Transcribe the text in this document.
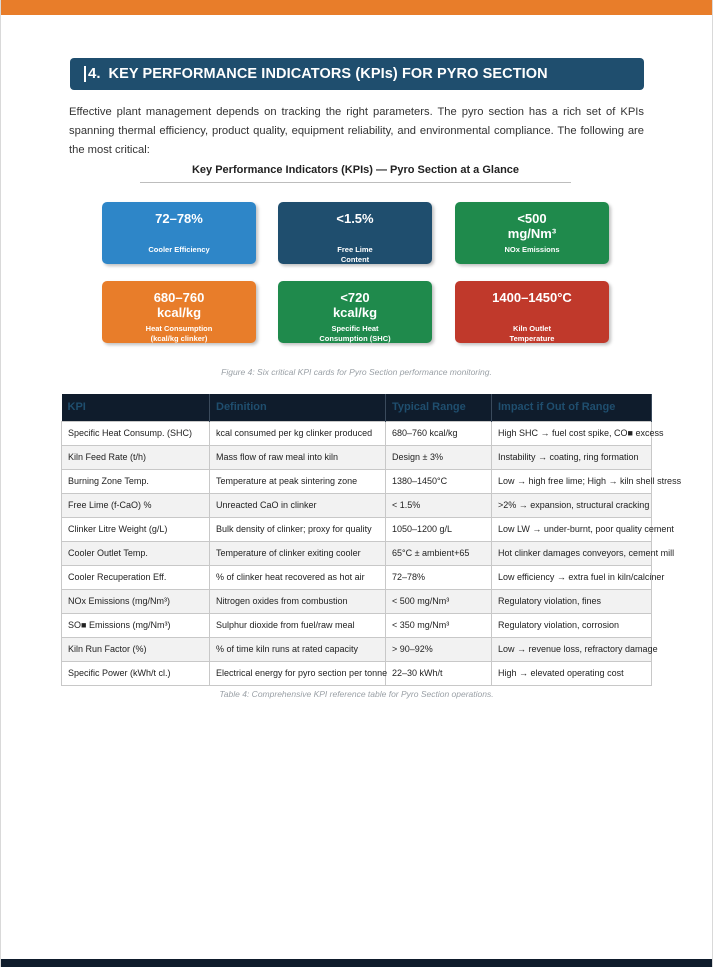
4. KEY PERFORMANCE INDICATORS (KPIs) FOR PYRO SECTION

Effective plant management depends on tracking the right parameters. The pyro section has a rich set of KPIs spanning thermal efficiency, product quality, equipment reliability, and environmental compliance. The following are the most critical:

Key Performance Indicators (KPIs) — Pyro Section at a Glance
72–78%
Cooler Efficiency
<1.5%
Free Lime Content
<500 mg/Nm³
NOx Emissions
680–760 kcal/kg
Heat Consumption (kcal/kg clinker)
<720 kcal/kg
Specific Heat Consumption (SHC)
1400–1450°C
Kiln Outlet Temperature
Figure 4: Six critical KPI cards for Pyro Section performance monitoring.
KPI	Definition	Typical Range	Impact if Out of Range
Specific Heat Consump. (SHC)	kcal consumed per kg clinker produced	680–760 kcal/kg	High SHC → fuel cost spike, CO■ excess
Kiln Feed Rate (t/h)	Mass flow of raw meal into kiln	Design ± 3%	Instability → coating, ring formation
Burning Zone Temp.	Temperature at peak sintering zone	1380–1450°C	Low → high free lime; High → kiln shell stress
Free Lime (f-CaO) %	Unreacted CaO in clinker	< 1.5%	>2% → expansion, structural cracking
Clinker Litre Weight (g/L)	Bulk density of clinker; proxy for quality	1050–1200 g/L	Low LW → under-burnt, poor quality cement
Cooler Outlet Temp.	Temperature of clinker exiting cooler	65°C ± ambient+65	Hot clinker damages conveyors, cement mill
Cooler Recuperation Eff.	% of clinker heat recovered as hot air	72–78%	Low efficiency → extra fuel in kiln/calciner
NOx Emissions (mg/Nm³)	Nitrogen oxides from combustion	< 500 mg/Nm³	Regulatory violation, fines
SO■ Emissions (mg/Nm³)	Sulphur dioxide from fuel/raw meal	< 350 mg/Nm³	Regulatory violation, corrosion
Kiln Run Factor (%)	% of time kiln runs at rated capacity	> 90–92%	Low → revenue loss, refractory damage
Specific Power (kWh/t cl.)	Electrical energy for pyro section per tonne	22–30 kWh/t	High → elevated operating cost
Table 4: Comprehensive KPI reference table for Pyro Section operations.
